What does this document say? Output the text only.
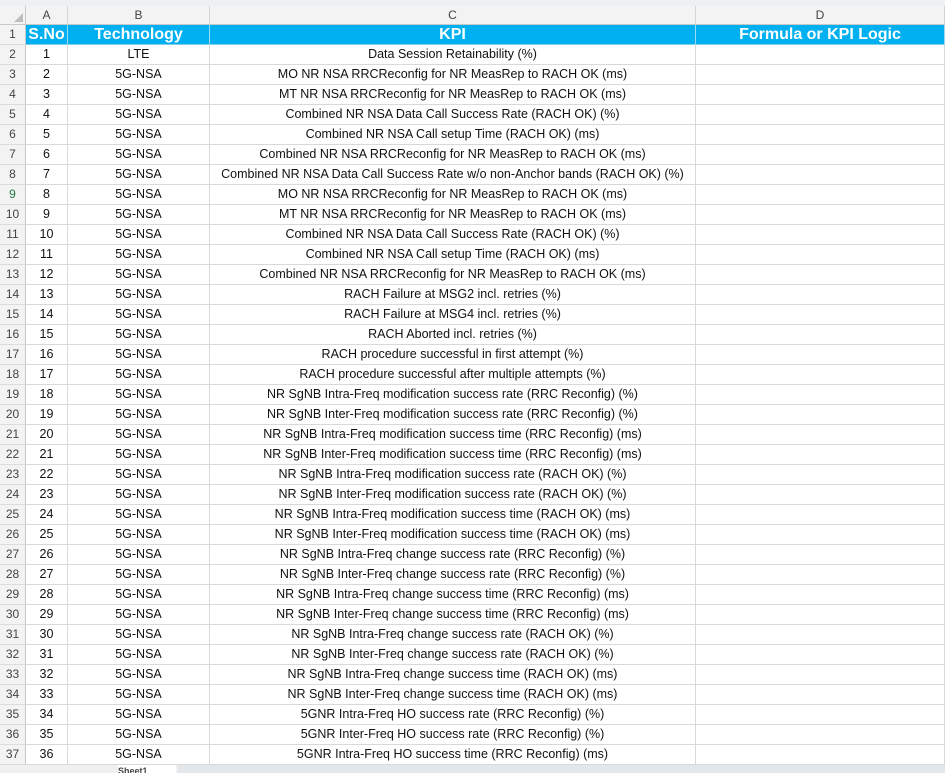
A	B	C	D
1 S.No	Technology	KPI	Formula or KPI Logic
2	1	LTE	Data Session Retainability (%)
3	2	5G-NSA	MO NR NSA RRCReconfig for NR MeasRep to RACH OK (ms)
4	3	5G-NSA	MT NR NSA RRCReconfig for NR MeasRep to RACH OK (ms)
5	4	5G-NSA	Combined NR NSA Data Call Success Rate (RACH OK) (%)
6	5	5G-NSA	Combined NR NSA Call setup Time (RACH OK) (ms)
7	6	5G-NSA	Combined NR NSA RRCReconfig for NR MeasRep to RACH OK (ms)
8	7	5G-NSA	Combined NR NSA Data Call Success Rate w/o non-Anchor bands (RACH OK) (%)
9	8	5G-NSA	MO NR NSA RRCReconfig for NR MeasRep to RACH OK (ms)
10	9	5G-NSA	MT NR NSA RRCReconfig for NR MeasRep to RACH OK (ms)
11	10	5G-NSA	Combined NR NSA Data Call Success Rate (RACH OK) (%)
12	11	5G-NSA	Combined NR NSA Call setup Time (RACH OK) (ms)
13	12	5G-NSA	Combined NR NSA RRCReconfig for NR MeasRep to RACH OK (ms)
14	13	5G-NSA	RACH Failure at MSG2 incl. retries (%)
15	14	5G-NSA	RACH Failure at MSG4 incl. retries (%)
16	15	5G-NSA	RACH Aborted incl. retries (%)
17	16	5G-NSA	RACH procedure successful in first attempt (%)
18	17	5G-NSA	RACH procedure successful after multiple attempts (%)
19	18	5G-NSA	NR SgNB Intra-Freq modification success rate (RRC Reconfig) (%)
20	19	5G-NSA	NR SgNB Inter-Freq modification success rate (RRC Reconfig) (%)
21	20	5G-NSA	NR SgNB Intra-Freq modification success time (RRC Reconfig) (ms)
22	21	5G-NSA	NR SgNB Inter-Freq modification success time (RRC Reconfig) (ms)
23	22	5G-NSA	NR SgNB Intra-Freq modification success rate (RACH OK) (%)
24	23	5G-NSA	NR SgNB Inter-Freq modification success rate (RACH OK) (%)
25	24	5G-NSA	NR SgNB Intra-Freq modification success time (RACH OK) (ms)
26	25	5G-NSA	NR SgNB Inter-Freq modification success time (RACH OK) (ms)
27	26	5G-NSA	NR SgNB Intra-Freq change success rate (RRC Reconfig) (%)
28	27	5G-NSA	NR SgNB Inter-Freq change success rate (RRC Reconfig) (%)
29	28	5G-NSA	NR SgNB Intra-Freq change success time (RRC Reconfig) (ms)
30	29	5G-NSA	NR SgNB Inter-Freq change success time (RRC Reconfig) (ms)
31	30	5G-NSA	NR SgNB Intra-Freq change success rate (RACH OK) (%)
32	31	5G-NSA	NR SgNB Inter-Freq change success rate (RACH OK) (%)
33	32	5G-NSA	NR SgNB Intra-Freq change success time (RACH OK) (ms)
34	33	5G-NSA	NR SgNB Inter-Freq change success time (RACH OK) (ms)
35	34	5G-NSA	5GNR Intra-Freq HO success rate (RRC Reconfig) (%)
36	35	5G-NSA	5GNR Inter-Freq HO success rate (RRC Reconfig) (%)
37	36	5G-NSA	5GNR Intra-Freq HO success time (RRC Reconfig) (ms)
Sheet1
